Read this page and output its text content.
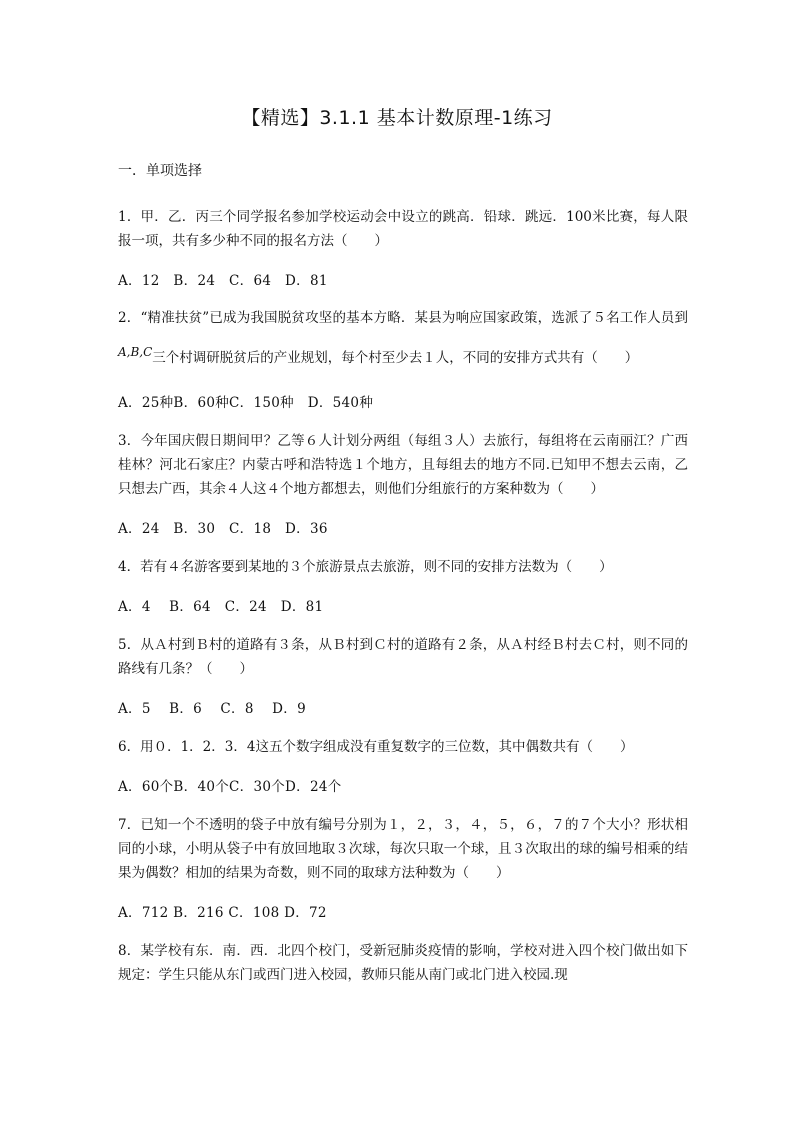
【精选】3.1.1 基本计数原理-1练习
一．单项选择

1．甲．乙．丙三个同学报名参加学校运动会中设立的跳高．铅球．跳远．100米比赛，每人限报一项，共有多少种不同的报名方法（　　）

A．12　B．24　C．64　D．81

2．“精准扶贫”已成为我国脱贫攻坚的基本方略．某县为响应国家政策，选派了５名工作人员到A,B,C三个村调研脱贫后的产业规划，每个村至少去１人，不同的安排方式共有（　　）

A．25种B．60种C．150种　D．540种

3．今年国庆假日期间甲？乙等６人计划分两组（每组３人）去旅行，每组将在云南丽江？广西桂林？河北石家庄？内蒙古呼和浩特选１个地方，且每组去的地方不同.已知甲不想去云南，乙只想去广西，其余４人这４个地方都想去，则他们分组旅行的方案种数为（　　）

A．24　B．30　C．18　D．36

4．若有４名游客要到某地的３个旅游景点去旅游，则不同的安排方法数为（　　）

A．4　 B．64　C．24　D．81

5．从Ａ村到Ｂ村的道路有３条，从Ｂ村到Ｃ村的道路有２条，从Ａ村经Ｂ村去Ｃ村，则不同的路线有几条？（　　）

A．5　 B．6　 C．8　 D．9

6．用０．1．2．3．4这五个数字组成没有重复数字的三位数，其中偶数共有（　　）

A．60个B．40个C．30个D．24个

7．已知一个不透明的袋子中放有编号分别为１，２，３，４，５，６，７的７个大小？形状相同的小球，小明从袋子中有放回地取３次球，每次只取一个球，且３次取出的球的编号相乘的结果为偶数？相加的结果为奇数，则不同的取球方法种数为（　　）

A．712 B．216 C．108 D．72

8．某学校有东．南．西．北四个校门，受新冠肺炎疫情的影响，学校对进入四个校门做出如下规定：学生只能从东门或西门进入校园，教师只能从南门或北门进入校园.现
